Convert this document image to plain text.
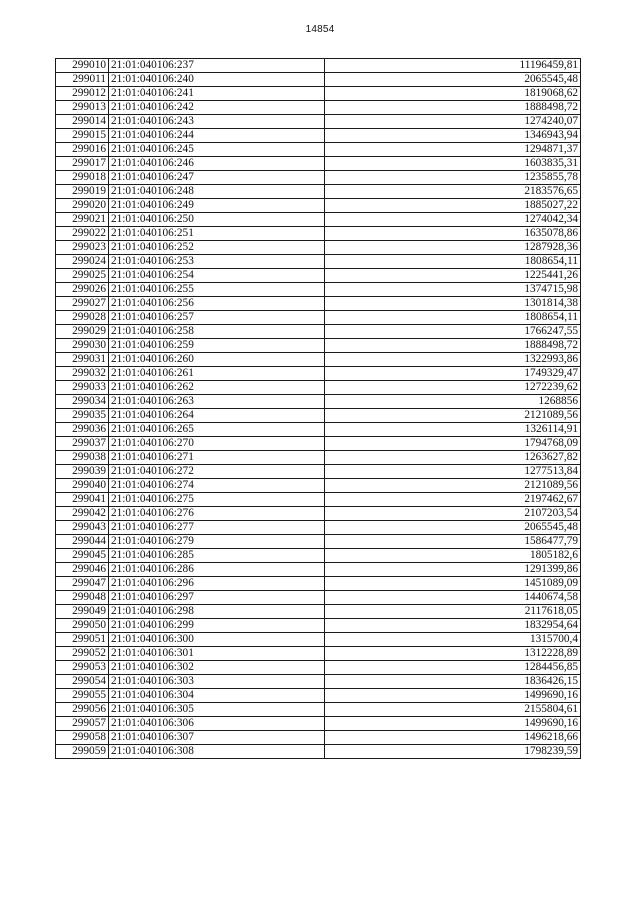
14854
299010	21:01:040106:237	11196459,81
299011	21:01:040106:240	2065545,48
299012	21:01:040106:241	1819068,62
299013	21:01:040106:242	1888498,72
299014	21:01:040106:243	1274240,07
299015	21:01:040106:244	1346943,94
299016	21:01:040106:245	1294871,37
299017	21:01:040106:246	1603835,31
299018	21:01:040106:247	1235855,78
299019	21:01:040106:248	2183576,65
299020	21:01:040106:249	1885027,22
299021	21:01:040106:250	1274042,34
299022	21:01:040106:251	1635078,86
299023	21:01:040106:252	1287928,36
299024	21:01:040106:253	1808654,11
299025	21:01:040106:254	1225441,26
299026	21:01:040106:255	1374715,98
299027	21:01:040106:256	1301814,38
299028	21:01:040106:257	1808654,11
299029	21:01:040106:258	1766247,55
299030	21:01:040106:259	1888498,72
299031	21:01:040106:260	1322993,86
299032	21:01:040106:261	1749329,47
299033	21:01:040106:262	1272239,62
299034	21:01:040106:263	1268856
299035	21:01:040106:264	2121089,56
299036	21:01:040106:265	1326114,91
299037	21:01:040106:270	1794768,09
299038	21:01:040106:271	1263627,82
299039	21:01:040106:272	1277513,84
299040	21:01:040106:274	2121089,56
299041	21:01:040106:275	2197462,67
299042	21:01:040106:276	2107203,54
299043	21:01:040106:277	2065545,48
299044	21:01:040106:279	1586477,79
299045	21:01:040106:285	1805182,6
299046	21:01:040106:286	1291399,86
299047	21:01:040106:296	1451089,09
299048	21:01:040106:297	1440674,58
299049	21:01:040106:298	2117618,05
299050	21:01:040106:299	1832954,64
299051	21:01:040106:300	1315700,4
299052	21:01:040106:301	1312228,89
299053	21:01:040106:302	1284456,85
299054	21:01:040106:303	1836426,15
299055	21:01:040106:304	1499690,16
299056	21:01:040106:305	2155804,61
299057	21:01:040106:306	1499690,16
299058	21:01:040106:307	1496218,66
299059	21:01:040106:308	1798239,59
